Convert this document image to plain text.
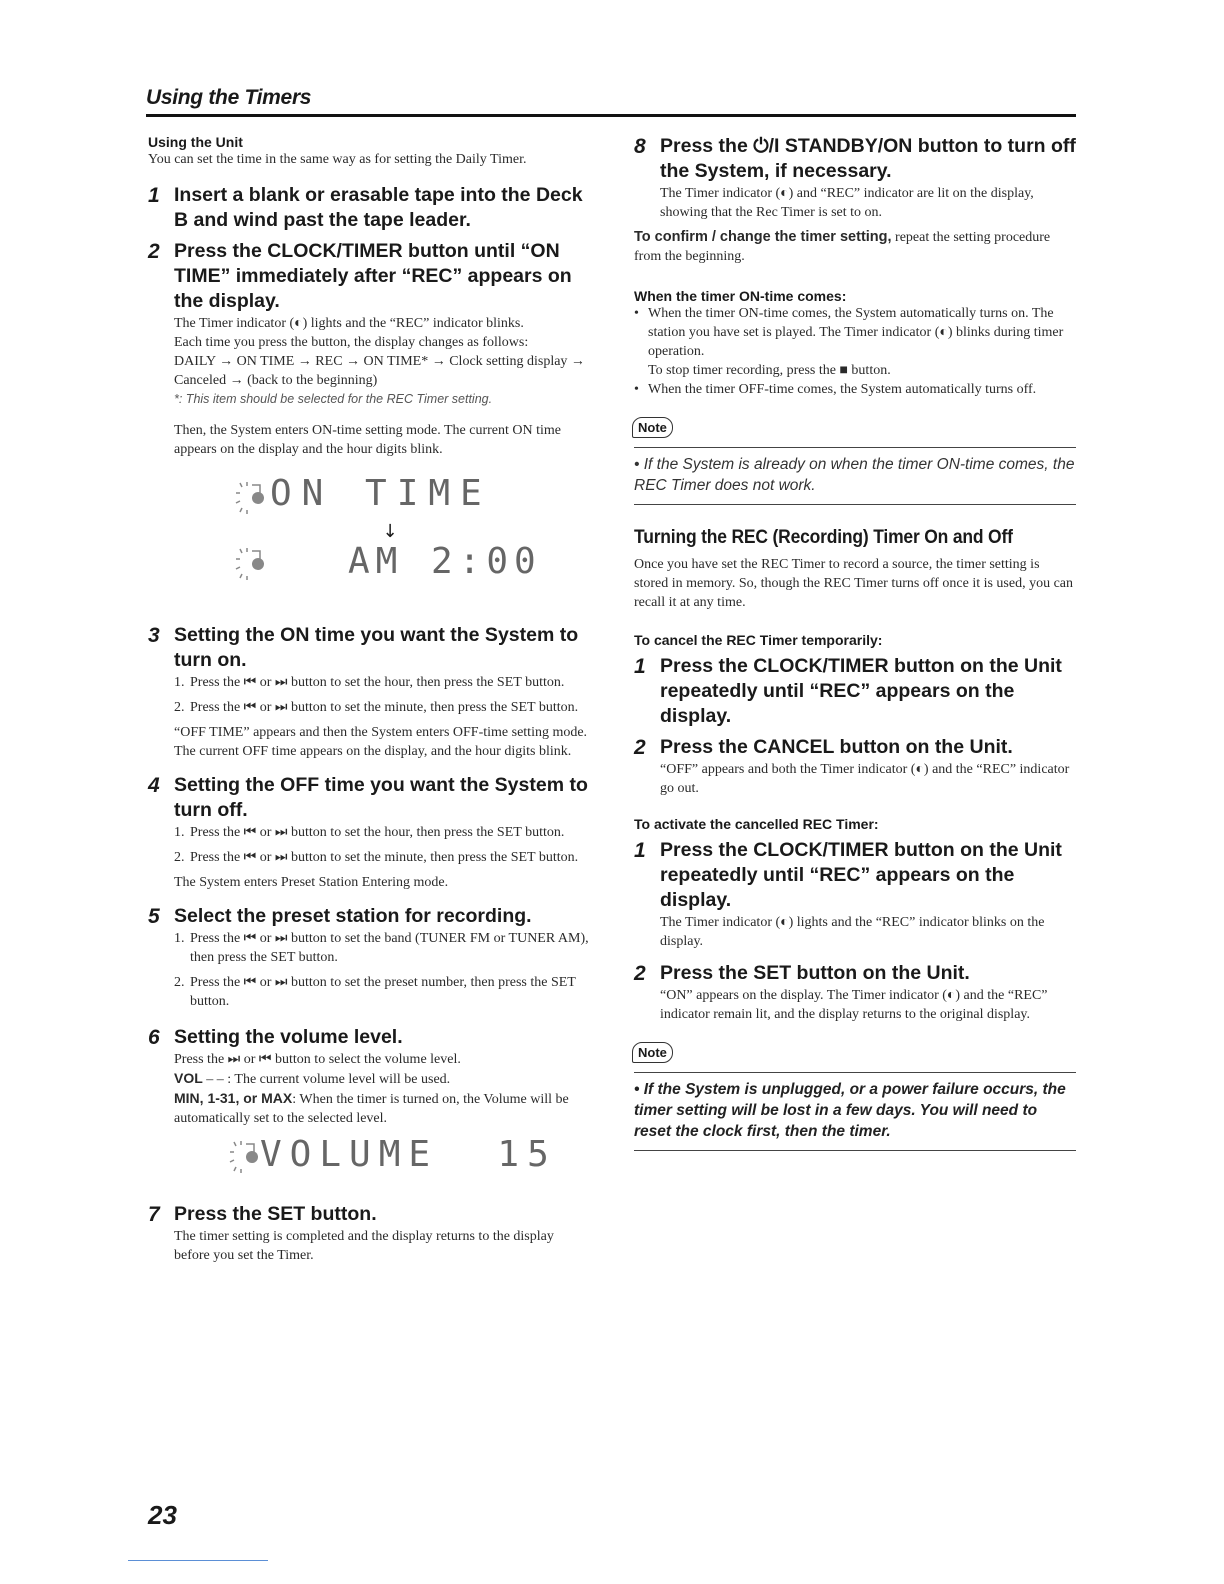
Using the Timers

Using the Unit

You can set the time in the same way as for setting the Daily Timer.

1 Insert a blank or erasable tape into the Deck B and wind past the tape leader.
2 Press the CLOCK/TIMER button until “ON TIME” immediately after “REC” appears on the display.

The Timer indicator (◐) lights and the “REC” indicator blinks.

Each time you press the button, the display changes as follows:

DAILY → ON TIME → REC → ON TIME* → Clock setting display → Canceled → (back to the beginning)

*: This item should be selected for the REC Timer setting.

Then, the System enters ON-time setting mode. The current ON time appears on the display and the hour digits blink.

ON TIME
↓
AM 2:00
3 Setting the ON time you want the System to turn on.

1. Press the ⏮ or ⏭ button to set the hour, then press the SET button.

2. Press the ⏮ or ⏭ button to set the minute, then press the SET button.

“OFF TIME” appears and then the System enters OFF-time setting mode. The current OFF time appears on the display, and the hour digits blink.

4 Setting the OFF time you want the System to turn off.

1. Press the ⏮ or ⏭ button to set the hour, then press the SET button.

2. Press the ⏮ or ⏭ button to set the minute, then press the SET button.

The System enters Preset Station Entering mode.

5 Select the preset station for recording.

1. Press the ⏮ or ⏭ button to set the band (TUNER FM or TUNER AM), then press the SET button.

2. Press the ⏮ or ⏭ button to set the preset number, then press the SET button.

6 Setting the volume level.

Press the ⏭ or ⏮ button to select the volume level.

VOL – – : The current volume level will be used.

MIN, 1-31, or MAX: When the timer is turned on, the Volume will be automatically set to the selected level.

VOLUME  15
7 Press the SET button.

The timer setting is completed and the display returns to the display before you set the Timer.

8 Press the ⏻/I STANDBY/ON button to turn off the System, if necessary.

The Timer indicator (◐) and “REC” indicator are lit on the display, showing that the Rec Timer is set to on.

To confirm / change the timer setting, repeat the setting procedure from the beginning.

When the timer ON-time comes:

• When the timer ON-time comes, the System automatically turns on. The station you have set is played. The Timer indicator (◐) blinks during timer operation.

To stop timer recording, press the ■ button.

• When the timer OFF-time comes, the System automatically turns off.

Note
• If the System is already on when the timer ON-time comes, the REC Timer does not work.

Turning the REC (Recording) Timer On and Off

Once you have set the REC Timer to record a source, the timer setting is stored in memory. So, though the REC Timer turns off once it is used, you can recall it at any time.

To cancel the REC Timer temporarily:

1 Press the CLOCK/TIMER button on the Unit repeatedly until “REC” appears on the display.
2 Press the CANCEL button on the Unit.

“OFF” appears and both the Timer indicator (◐) and the “REC” indicator go out.

To activate the cancelled REC Timer:

1 Press the CLOCK/TIMER button on the Unit repeatedly until “REC” appears on the display.

The Timer indicator (◐) lights and the “REC” indicator blinks on the display.

2 Press the SET button on the Unit.

“ON” appears on the display. The Timer indicator (◐) and the “REC” indicator remain lit, and the display returns to the original display.

Note
• If the System is unplugged, or a power failure occurs, the timer setting will be lost in a few days. You will need to reset the clock first, then the timer.
23
